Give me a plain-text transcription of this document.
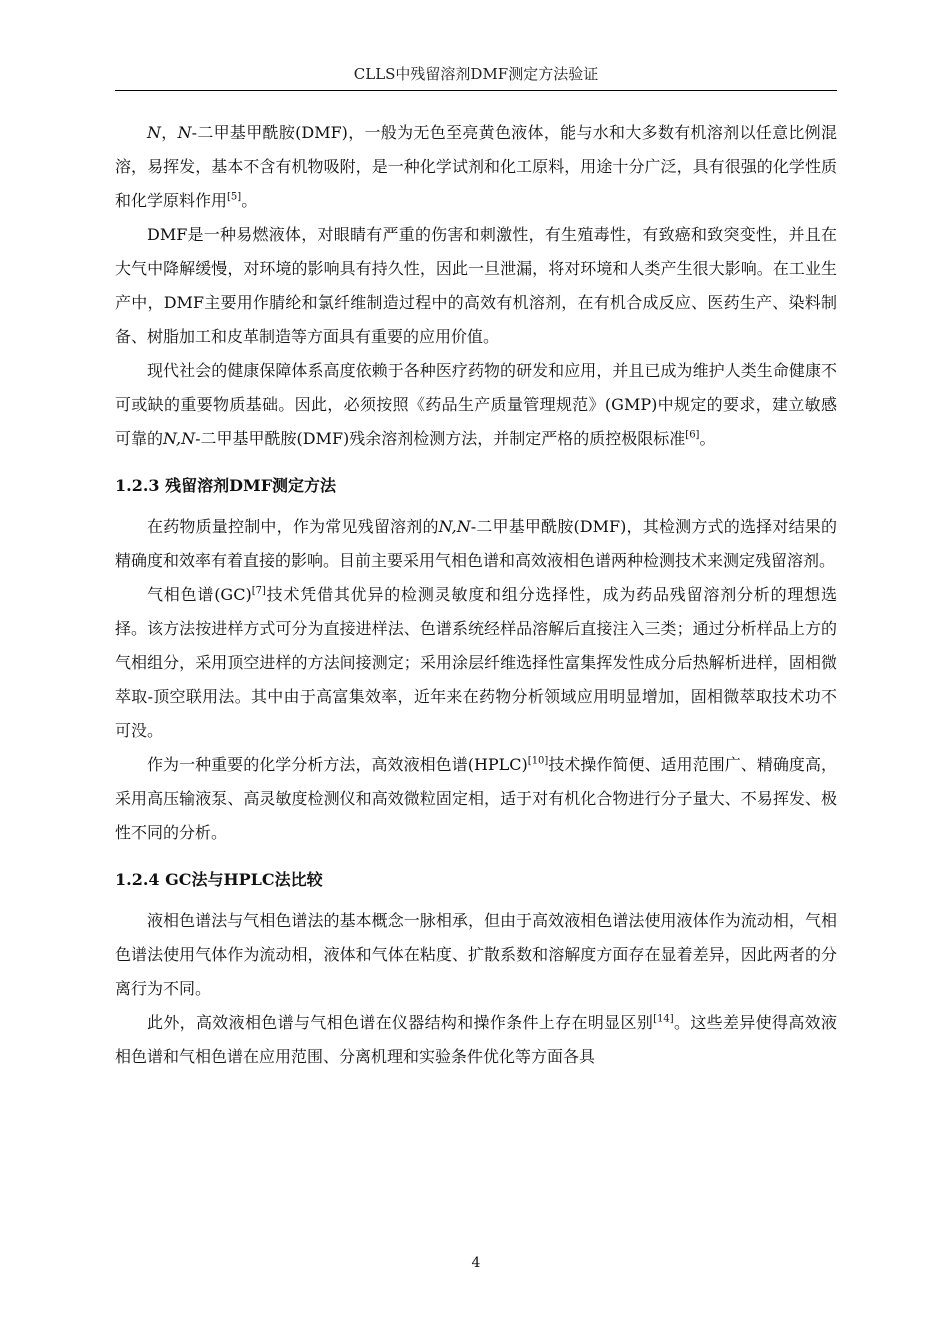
CLLS中残留溶剂DMF测定方法验证

N，N-二甲基甲酰胺(DMF)，一般为无色至亮黄色液体，能与水和大多数有机溶剂以任意比例混溶，易挥发，基本不含有机物吸附，是一种化学试剂和化工原料，用途十分广泛，具有很强的化学性质和化学原料作用[5]。

DMF是一种易燃液体，对眼睛有严重的伤害和刺激性，有生殖毒性，有致癌和致突变性，并且在大气中降解缓慢，对环境的影响具有持久性，因此一旦泄漏，将对环境和人类产生很大影响。在工业生产中，DMF主要用作腈纶和氯纤维制造过程中的高效有机溶剂，在有机合成反应、医药生产、染料制备、树脂加工和皮革制造等方面具有重要的应用价值。

现代社会的健康保障体系高度依赖于各种医疗药物的研发和应用，并且已成为维护人类生命健康不可或缺的重要物质基础。因此，必须按照《药品生产质量管理规范》(GMP)中规定的要求，建立敏感可靠的N,N-二甲基甲酰胺(DMF)残余溶剂检测方法，并制定严格的质控极限标准[6]。

1.2.3 残留溶剂DMF测定方法

在药物质量控制中，作为常见残留溶剂的N,N-二甲基甲酰胺(DMF)，其检测方式的选择对结果的精确度和效率有着直接的影响。目前主要采用气相色谱和高效液相色谱两种检测技术来测定残留溶剂。

气相色谱(GC)[7]技术凭借其优异的检测灵敏度和组分选择性，成为药品残留溶剂分析的理想选择。该方法按进样方式可分为直接进样法、色谱系统经样品溶解后直接注入三类；通过分析样品上方的气相组分，采用顶空进样的方法间接测定；采用涂层纤维选择性富集挥发性成分后热解析进样，固相微萃取-顶空联用法。其中由于高富集效率，近年来在药物分析领域应用明显增加，固相微萃取技术功不可没。

作为一种重要的化学分析方法，高效液相色谱(HPLC)[10]技术操作简便、适用范围广、精确度高，采用高压输液泵、高灵敏度检测仪和高效微粒固定相，适于对有机化合物进行分子量大、不易挥发、极性不同的分析。

1.2.4 GC法与HPLC法比较

液相色谱法与气相色谱法的基本概念一脉相承，但由于高效液相色谱法使用液体作为流动相，气相色谱法使用气体作为流动相，液体和气体在粘度、扩散系数和溶解度方面存在显着差异，因此两者的分离行为不同。

此外，高效液相色谱与气相色谱在仪器结构和操作条件上存在明显区别[14]。这些差异使得高效液相色谱和气相色谱在应用范围、分离机理和实验条件优化等方面各具

4
